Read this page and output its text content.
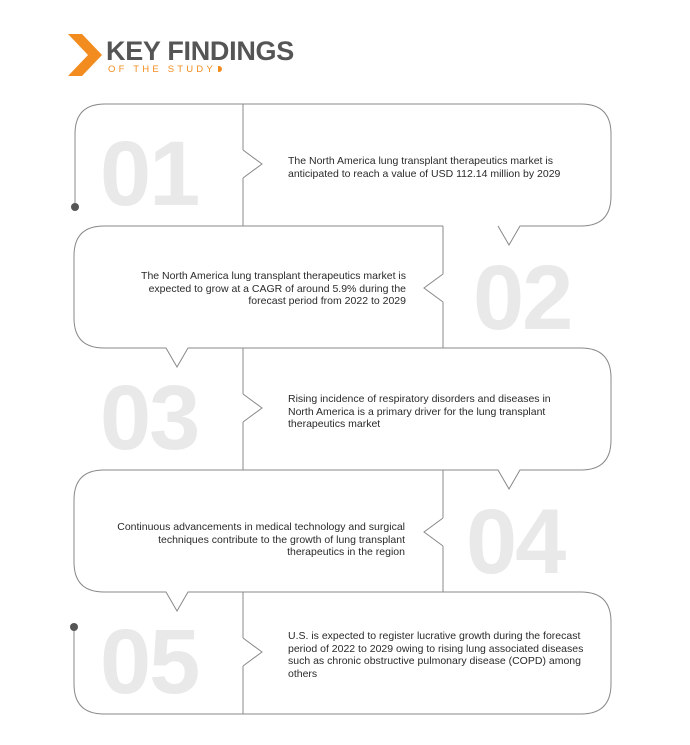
KEY FINDINGS
OF THE STUDY
01	The North America lung transplant therapeutics market is anticipated to reach a value of USD 112.14 million by 2029
02
The North America lung transplant therapeutics market is expected to grow at a CAGR of around 5.9% during the forecast period from 2022 to 2029
03	Rising incidence of respiratory disorders and diseases in North America is a primary driver for the lung transplant therapeutics market
04
Continuous advancements in medical technology and surgical techniques contribute to the growth of lung transplant therapeutics in the region
05	U.S. is expected to register lucrative growth during the forecast period of 2022 to 2029 owing to rising lung associated diseases such as chronic obstructive pulmonary disease (COPD) among others
